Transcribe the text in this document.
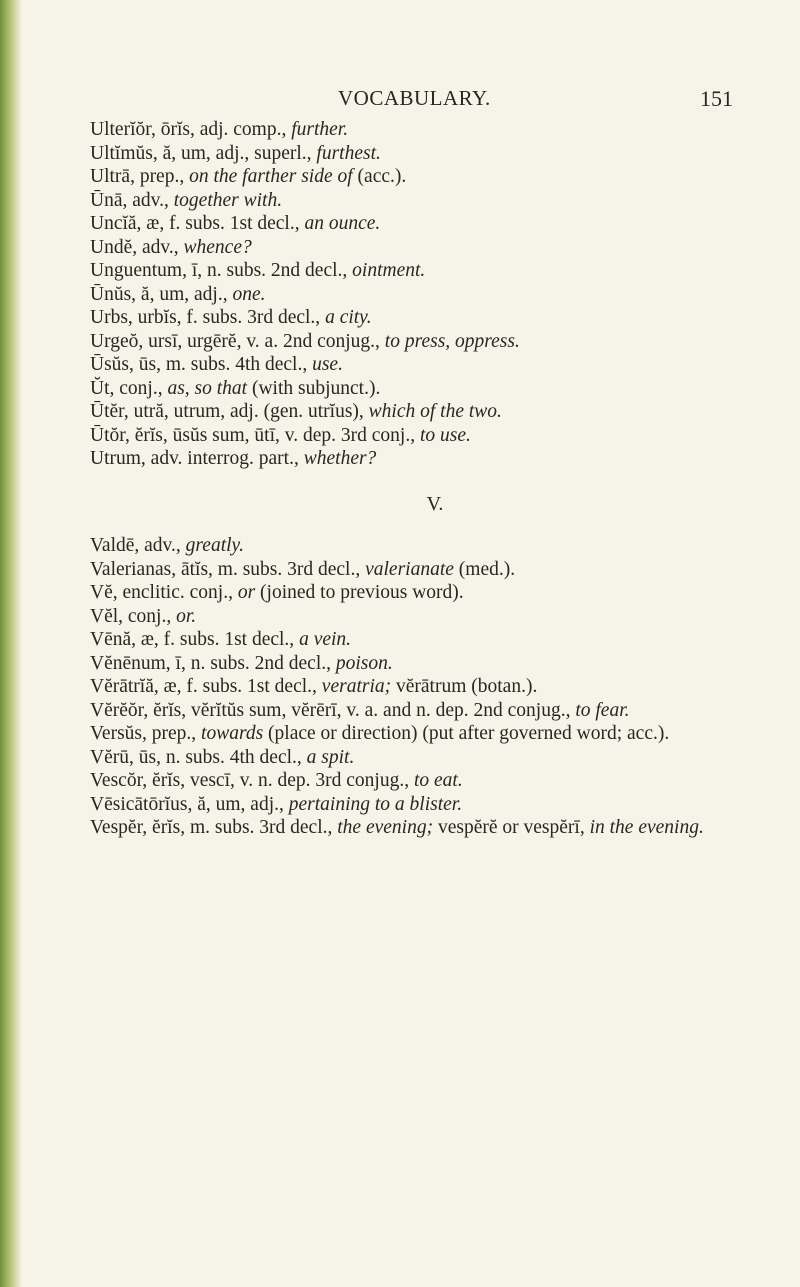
VOCABULARY.	151

Ulterĭŏr, ōrĭs, adj. comp., further.

Ultĭmŭs, ă, um, adj., superl., furthest.

Ultrā, prep., on the farther side of (acc.).

Ūnā, adv., together with.

Uncĭă, æ, f. subs. 1st decl., an ounce.

Undĕ, adv., whence?

Unguentum, ī, n. subs. 2nd decl., ointment.

Ūnŭs, ă, um, adj., one.

Urbs, urbĭs, f. subs. 3rd decl., a city.

Urgeŏ, ursī, urgērĕ, v. a. 2nd conjug., to press, oppress.

Ūsŭs, ūs, m. subs. 4th decl., use.

Ŭt, conj., as, so that (with subjunct.).

Ūtĕr, utră, utrum, adj. (gen. utrĭus), which of the two.

Ūtŏr, ĕrĭs, ūsŭs sum, ūtī, v. dep. 3rd conj., to use.

Utrum, adv. interrog. part., whether?

V.

Valdē, adv., greatly.

Valerianas, ātĭs, m. subs. 3rd decl., valerianate (med.).

Vĕ, enclitic. conj., or (joined to previous word).

Vĕl, conj., or.

Vēnă, æ, f. subs. 1st decl., a vein.

Vĕnēnum, ī, n. subs. 2nd decl., poison.

Vĕrātrĭă, æ, f. subs. 1st decl., veratria; vĕrātrum (botan.).

Vĕrĕŏr, ĕrĭs, vĕrĭtŭs sum, vĕrērī, v. a. and n. dep. 2nd conjug., to fear.

Versŭs, prep., towards (place or direction) (put after governed word; acc.).

Vĕrū, ūs, n. subs. 4th decl., a spit.

Vescŏr, ĕrĭs, vescī, v. n. dep. 3rd conjug., to eat.

Vēsicātōrĭus, ă, um, adj., pertaining to a blister.

Vespĕr, ĕrĭs, m. subs. 3rd decl., the evening; vespĕrĕ or vespĕrī, in the evening.
